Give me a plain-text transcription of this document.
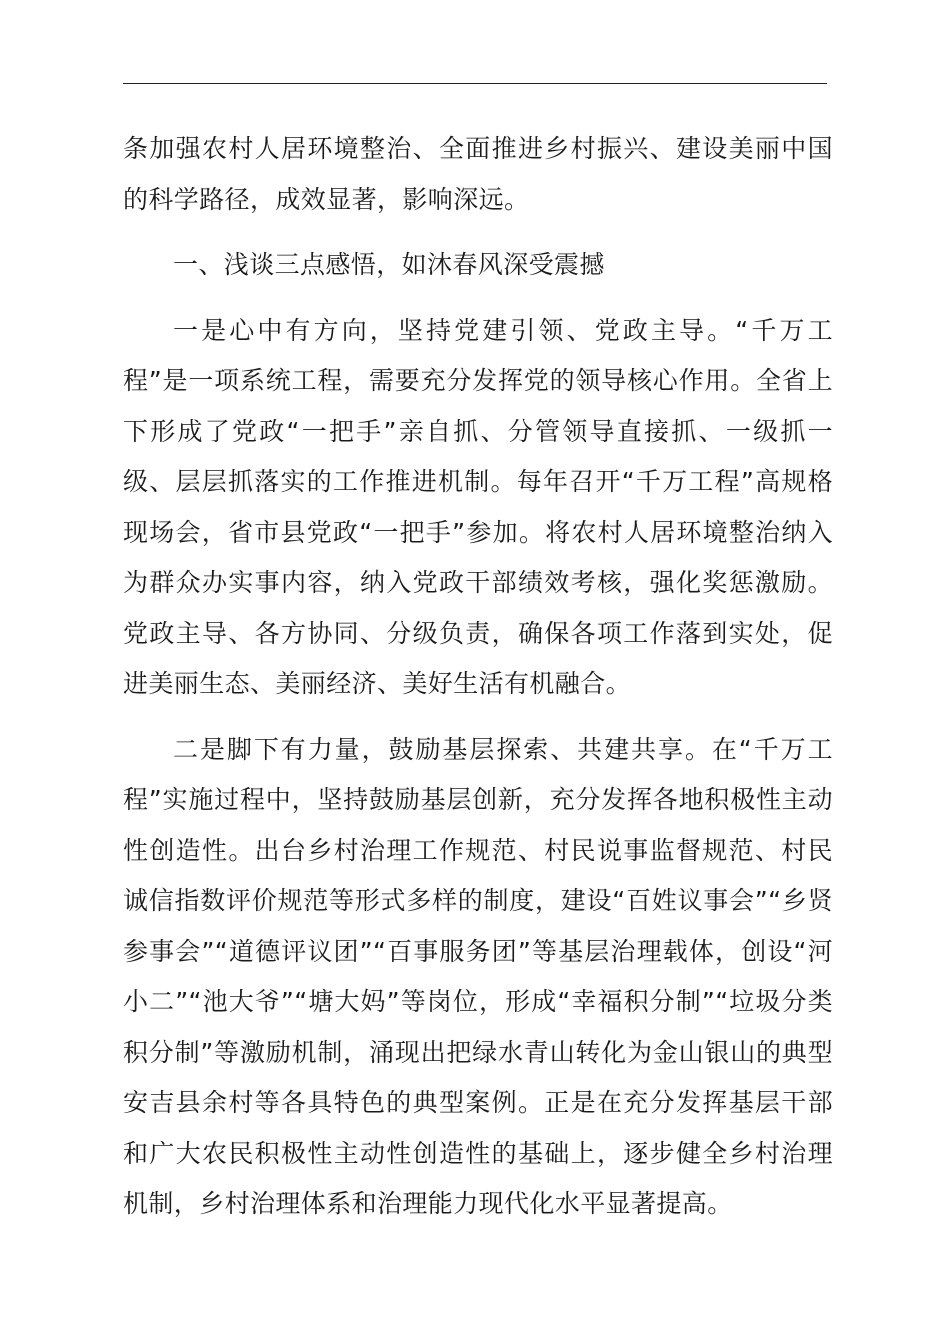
条加强农村人居环境整治、全面推进乡村振兴、建设美丽中国的科学路径，成效显著，影响深远。

一、浅谈三点感悟，如沐春风深受震撼

一是心中有方向，坚持党建引领、党政主导。“千万工程”是一项系统工程，需要充分发挥党的领导核心作用。全省上下形成了党政“一把手”亲自抓、分管领导直接抓、一级抓一级、层层抓落实的工作推进机制。每年召开“千万工程”高规格现场会，省市县党政“一把手”参加。将农村人居环境整治纳入为群众办实事内容，纳入党政干部绩效考核，强化奖惩激励。党政主导、各方协同、分级负责，确保各项工作落到实处，促进美丽生态、美丽经济、美好生活有机融合。

二是脚下有力量，鼓励基层探索、共建共享。在“千万工程”实施过程中，坚持鼓励基层创新，充分发挥各地积极性主动性创造性。出台乡村治理工作规范、村民说事监督规范、村民诚信指数评价规范等形式多样的制度，建设“百姓议事会”“乡贤参事会”“道德评议团”“百事服务团”等基层治理载体，创设“河小二”“池大爷”“塘大妈”等岗位，形成“幸福积分制”“垃圾分类积分制”等激励机制，涌现出把绿水青山转化为金山银山的典型安吉县余村等各具特色的典型案例。正是在充分发挥基层干部和广大农民积极性主动性创造性的基础上，逐步健全乡村治理机制，乡村治理体系和治理能力现代化水平显著提高。
